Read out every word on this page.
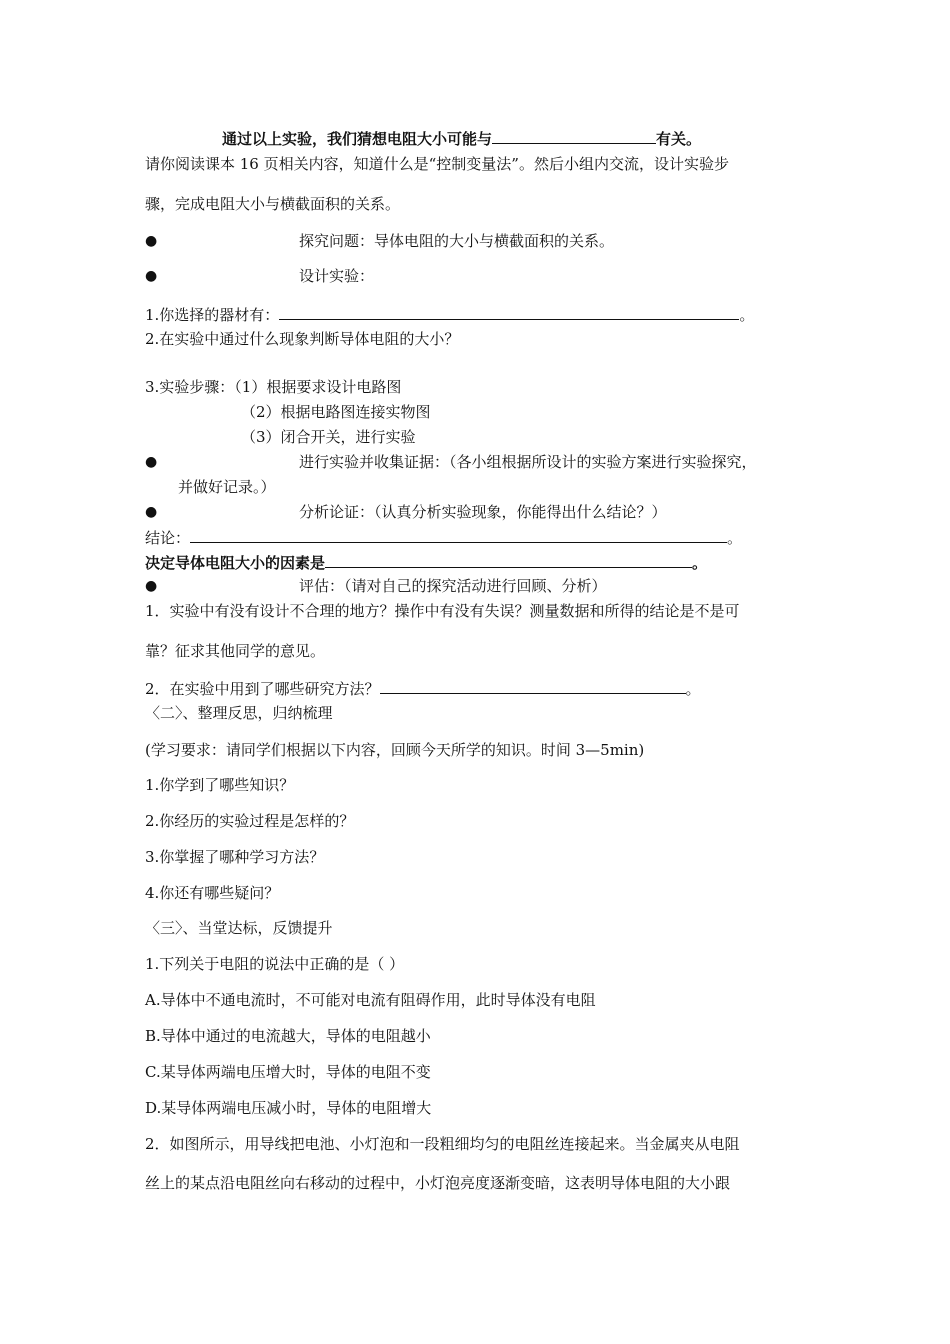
通过以上实验，我们猜想电阻大小可能与	有关。
请你阅读课本 16 页相关内容，知道什么是“控制变量法”。然后小组内交流，设计实验步
骤，完成电阻大小与横截面积的关系。
●	探究问题：导体电阻的大小与横截面积的关系。
●	设计实验：
1.你选择的器材有：	。
2.在实验中通过什么现象判断导体电阻的大小？
3.实验步骤：（1）根据要求设计电路图
（2）根据电路图连接实物图
（3）闭合开关，进行实验
●	进行实验并收集证据：（各小组根据所设计的实验方案进行实验探究，
并做好记录。）
●	分析论证：（认真分析实验现象，你能得出什么结论？）
结论：	。
决定导体电阻大小的因素是	。
●	评估：（请对自己的探究活动进行回顾、分析）
1．实验中有没有设计不合理的地方？操作中有没有失误？测量数据和所得的结论是不是可
靠？征求其他同学的意见。
2．在实验中用到了哪些研究方法？	。
〈二〉、整理反思，归纳梳理
(学习要求：请同学们根据以下内容，回顾今天所学的知识。时间 3—5min)
1.你学到了哪些知识？
2.你经历的实验过程是怎样的？
3.你掌握了哪种学习方法？
4.你还有哪些疑问？
〈三〉、当堂达标，反馈提升
1.下列关于电阻的说法中正确的是（ ）
A.导体中不通电流时，不可能对电流有阻碍作用，此时导体没有电阻
B.导体中通过的电流越大，导体的电阻越小
C.某导体两端电压增大时，导体的电阻不变
D.某导体两端电压减小时，导体的电阻增大
2．如图所示，用导线把电池、小灯泡和一段粗细均匀的电阻丝连接起来。当金属夹从电阻
丝上的某点沿电阻丝向右移动的过程中，小灯泡亮度逐渐变暗，这表明导体电阻的大小跟
